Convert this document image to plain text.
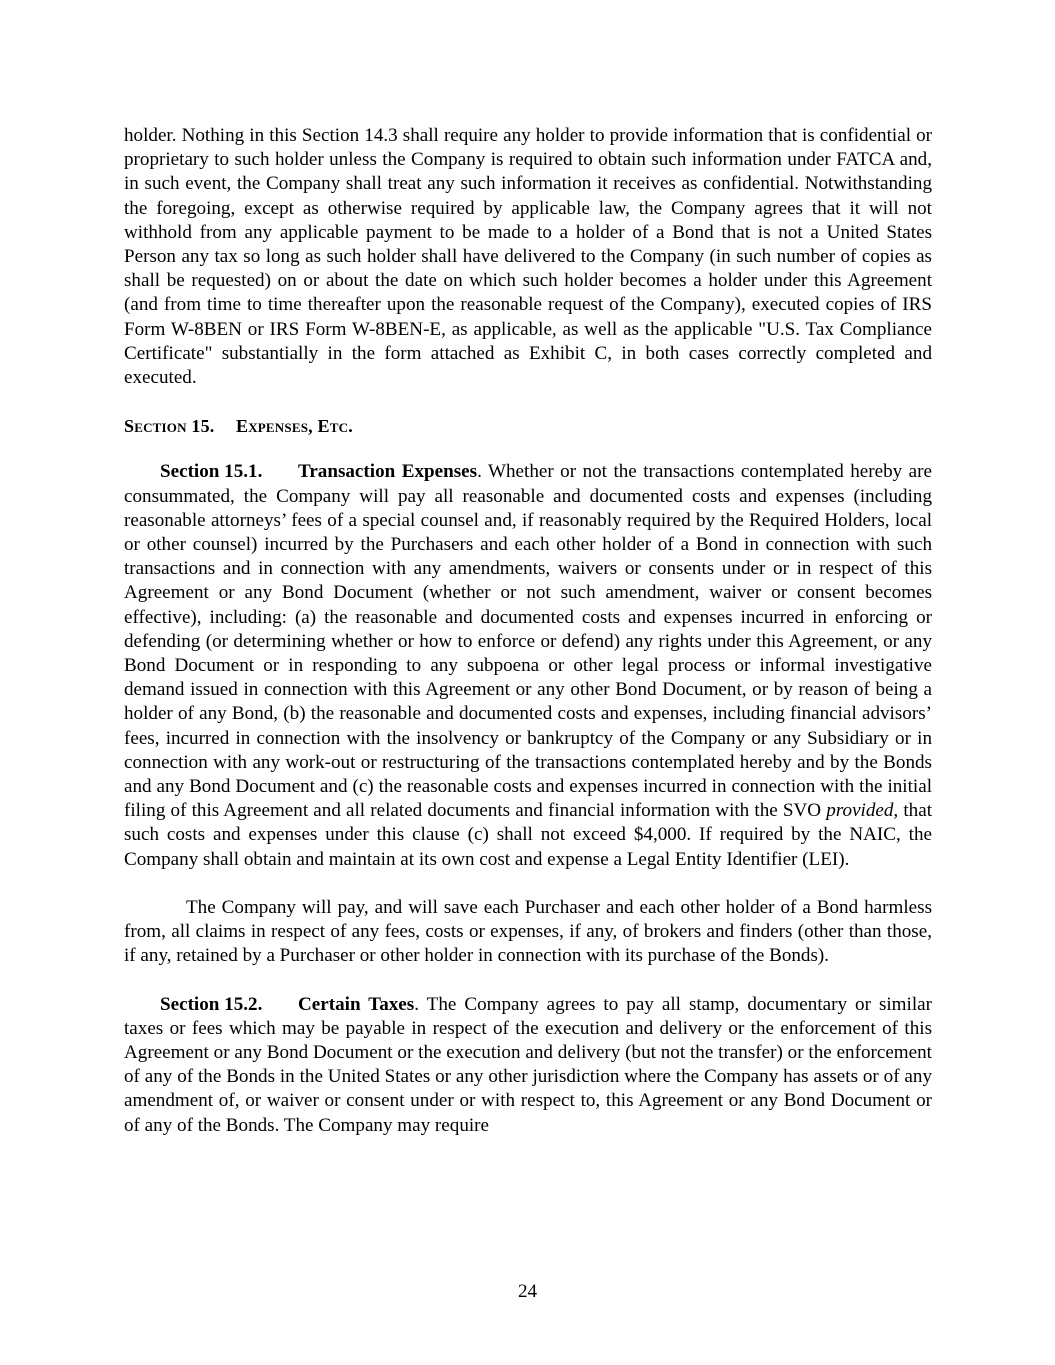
holder. Nothing in this Section 14.3 shall require any holder to provide information that is confidential or proprietary to such holder unless the Company is required to obtain such information under FATCA and, in such event, the Company shall treat any such information it receives as confidential. Notwithstanding the foregoing, except as otherwise required by applicable law, the Company agrees that it will not withhold from any applicable payment to be made to a holder of a Bond that is not a United States Person any tax so long as such holder shall have delivered to the Company (in such number of copies as shall be requested) on or about the date on which such holder becomes a holder under this Agreement (and from time to time thereafter upon the reasonable request of the Company), executed copies of IRS Form W-8BEN or IRS Form W-8BEN-E, as applicable, as well as the applicable "U.S. Tax Compliance Certificate" substantially in the form attached as Exhibit C, in both cases correctly completed and executed.

Section 15. Expenses, Etc.

Section 15.1. Transaction Expenses. Whether or not the transactions contemplated hereby are consummated, the Company will pay all reasonable and documented costs and expenses (including reasonable attorneys’ fees of a special counsel and, if reasonably required by the Required Holders, local or other counsel) incurred by the Purchasers and each other holder of a Bond in connection with such transactions and in connection with any amendments, waivers or consents under or in respect of this Agreement or any Bond Document (whether or not such amendment, waiver or consent becomes effective), including: (a) the reasonable and documented costs and expenses incurred in enforcing or defending (or determining whether or how to enforce or defend) any rights under this Agreement, or any Bond Document or in responding to any subpoena or other legal process or informal investigative demand issued in connection with this Agreement or any other Bond Document, or by reason of being a holder of any Bond, (b) the reasonable and documented costs and expenses, including financial advisors’ fees, incurred in connection with the insolvency or bankruptcy of the Company or any Subsidiary or in connection with any work-out or restructuring of the transactions contemplated hereby and by the Bonds and any Bond Document and (c) the reasonable costs and expenses incurred in connection with the initial filing of this Agreement and all related documents and financial information with the SVO provided, that such costs and expenses under this clause (c) shall not exceed $4,000. If required by the NAIC, the Company shall obtain and maintain at its own cost and expense a Legal Entity Identifier (LEI).

The Company will pay, and will save each Purchaser and each other holder of a Bond harmless from, all claims in respect of any fees, costs or expenses, if any, of brokers and finders (other than those, if any, retained by a Purchaser or other holder in connection with its purchase of the Bonds).

Section 15.2. Certain Taxes. The Company agrees to pay all stamp, documentary or similar taxes or fees which may be payable in respect of the execution and delivery or the enforcement of this Agreement or any Bond Document or the execution and delivery (but not the transfer) or the enforcement of any of the Bonds in the United States or any other jurisdiction where the Company has assets or of any amendment of, or waiver or consent under or with respect to, this Agreement or any Bond Document or of any of the Bonds. The Company may require

24
